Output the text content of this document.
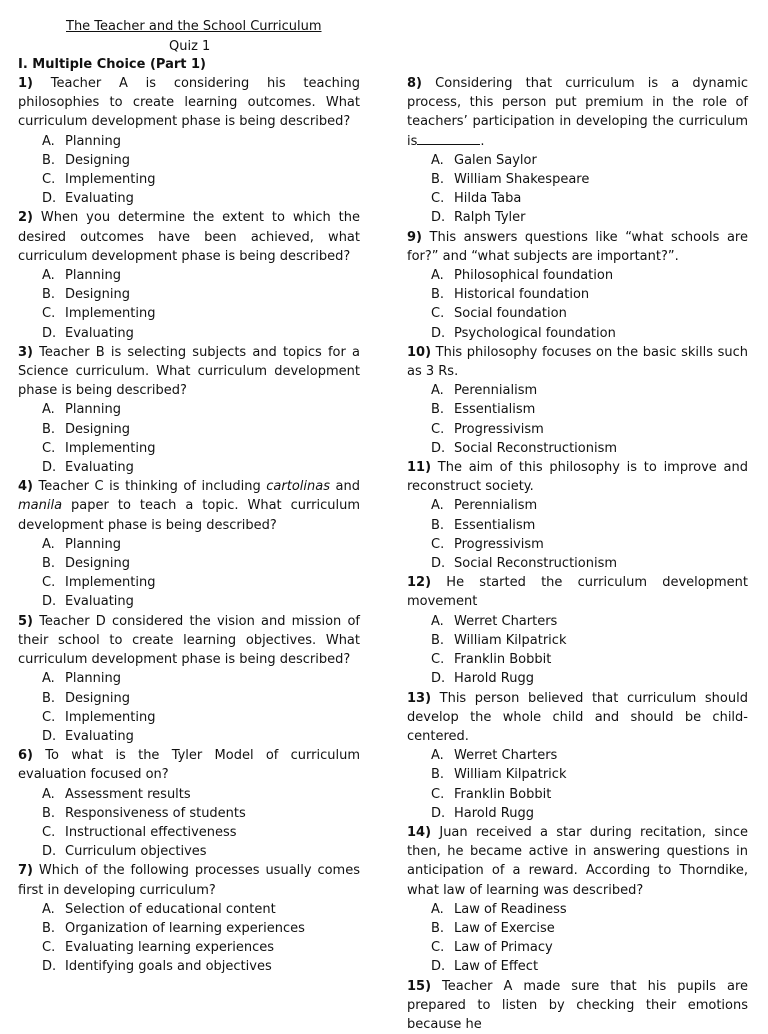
The Teacher and the School Curriculum
Quiz 1
I. Multiple Choice (Part 1)

1) Teacher A is considering his teaching philosophies to create learning outcomes. What curriculum development phase is being described?

A. Planning
B. Designing
C. Implementing
D. Evaluating

2) When you determine the extent to which the desired outcomes have been achieved, what curriculum development phase is being described?

A. Planning
B. Designing
C. Implementing
D. Evaluating

3) Teacher B is selecting subjects and topics for a Science curriculum. What curriculum development phase is being described?

A. Planning
B. Designing
C. Implementing
D. Evaluating

4) Teacher C is thinking of including cartolinas and manila paper to teach a topic. What curriculum development phase is being described?

A. Planning
B. Designing
C. Implementing
D. Evaluating

5) Teacher D considered the vision and mission of their school to create learning objectives. What curriculum development phase is being described?

A. Planning
B. Designing
C. Implementing
D. Evaluating

6) To what is the Tyler Model of curriculum evaluation focused on?

A. Assessment results
B. Responsiveness of students
C. Instructional effectiveness
D. Curriculum objectives

7) Which of the following processes usually comes first in developing curriculum?

A. Selection of educational content
B. Organization of learning experiences
C. Evaluating learning experiences
D. Identifying goals and objectives

8) Considering that curriculum is a dynamic process, this person put premium in the role of teachers’ participation in developing the curriculum is	.

A. Galen Saylor
B. William Shakespeare
C. Hilda Taba
D. Ralph Tyler

9) This answers questions like “what schools are for?” and “what subjects are important?”.

A. Philosophical foundation
B. Historical foundation
C. Social foundation
D. Psychological foundation

10) This philosophy focuses on the basic skills such as 3 Rs.

A. Perennialism
B. Essentialism
C. Progressivism
D. Social Reconstructionism

11) The aim of this philosophy is to improve and reconstruct society.

A. Perennialism
B. Essentialism
C. Progressivism
D. Social Reconstructionism

12) He started the curriculum development movement

A. Werret Charters
B. William Kilpatrick
C. Franklin Bobbit
D. Harold Rugg

13) This person believed that curriculum should develop the whole child and should be child-centered.

A. Werret Charters
B. William Kilpatrick
C. Franklin Bobbit
D. Harold Rugg

14) Juan received a star during recitation, since then, he became active in answering questions in anticipation of a reward. According to Thorndike, what law of learning was described?

A. Law of Readiness
B. Law of Exercise
C. Law of Primacy
D. Law of Effect

15) Teacher A made sure that his pupils are prepared to listen by checking their emotions because he
